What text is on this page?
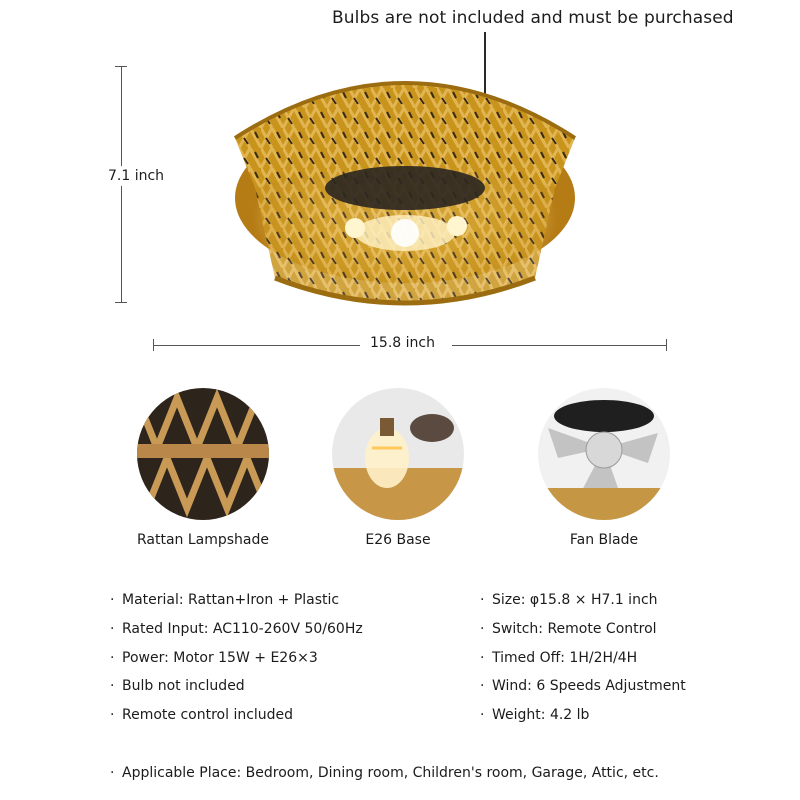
Bulbs are not included and must be purchased
7.1 inch
15.8 inch
Rattan Lampshade	E26 Base	Fan Blade
· Material: Rattan+Iron + Plastic
· Rated Input: AC110-260V 50/60Hz
· Power: Motor 15W + E26×3
· Bulb not included
· Remote control included
· Size: φ15.8 × H7.1 inch
· Switch: Remote Control
· Timed Off: 1H/2H/4H
· Wind: 6 Speeds Adjustment
· Weight: 4.2 lb
· Applicable Place: Bedroom, Dining room, Children's room, Garage, Attic, etc.
